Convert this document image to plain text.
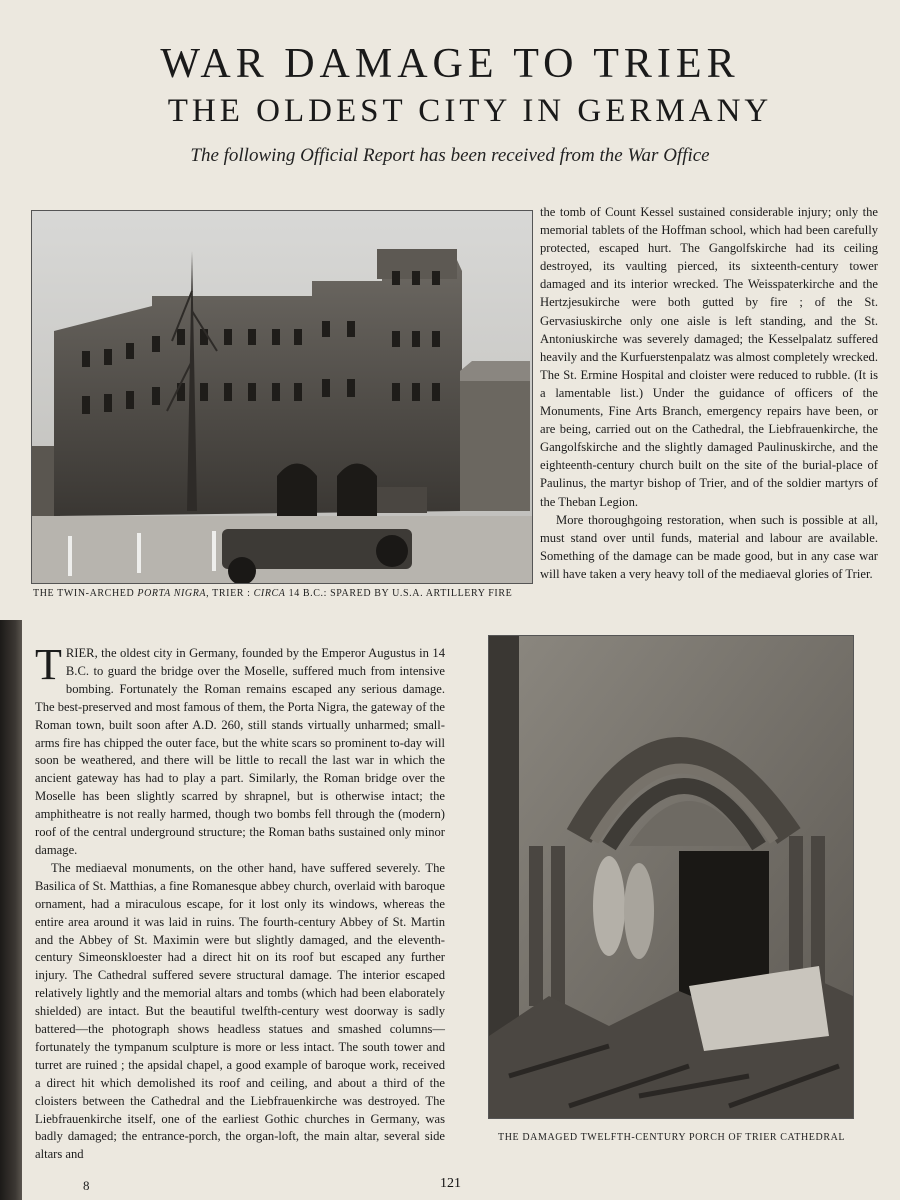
WAR DAMAGE TO TRIER
THE OLDEST CITY IN GERMANY
The following Official Report has been received from the War Office
THE TWIN-ARCHED PORTA NIGRA, TRIER : CIRCA 14 B.C.: SPARED BY U.S.A. ARTILLERY FIRE

the tomb of Count Kessel sustained considerable injury; only the memorial tablets of the Hoffman school, which had been carefully protected, escaped hurt. The Gangolfskirche had its ceiling destroyed, its vaulting pierced, its sixteenth-century tower damaged and its interior wrecked. The Weisspaterkirche and the Hertzjesukirche were both gutted by fire ; of the St. Gervasiuskirche only one aisle is left standing, and the St. Antoniuskirche was severely damaged; the Kesselpalatz suffered heavily and the Kurfuerstenpalatz was almost completely wrecked. The St. Ermine Hospital and cloister were reduced to rubble. (It is a lamentable list.) Under the guidance of officers of the Monuments, Fine Arts Branch, emergency repairs have been, or are being, carried out on the Cathedral, the Liebfrauenkirche, the Gangolfskirche and the slightly damaged Paulinuskirche, and the eighteenth-century church built on the site of the burial-place of Paulinus, the martyr bishop of Trier, and of the soldier martyrs of the Theban Legion.

More thoroughgoing restoration, when such is possible at all, must stand over until funds, material and labour are available. Something of the damage can be made good, but in any case war will have taken a very heavy toll of the mediaeval glories of Trier.

TRIER, the oldest city in Germany, founded by the Emperor Augustus in 14 B.C. to guard the bridge over the Moselle, suffered much from intensive bombing. Fortunately the Roman remains escaped any serious damage. The best-preserved and most famous of them, the Porta Nigra, the gateway of the Roman town, built soon after A.D. 260, still stands virtually unharmed; small-arms fire has chipped the outer face, but the white scars so prominent to-day will soon be weathered, and there will be little to recall the last war in which the ancient gateway has had to play a part. Similarly, the Roman bridge over the Moselle has been slightly scarred by shrapnel, but is otherwise intact; the amphitheatre is not really harmed, though two bombs fell through the (modern) roof of the central underground structure; the Roman baths sustained only minor damage.

The mediaeval monuments, on the other hand, have suffered severely. The Basilica of St. Matthias, a fine Romanesque abbey church, overlaid with baroque ornament, had a miraculous escape, for it lost only its windows, whereas the entire area around it was laid in ruins. The fourth-century Abbey of St. Martin and the Abbey of St. Maximin were but slightly damaged, and the eleventh-century Simeonskloester had a direct hit on its roof but escaped any further injury. The Cathedral suffered severe structural damage. The interior escaped relatively lightly and the memorial altars and tombs (which had been elaborately shielded) are intact. But the beautiful twelfth-century west doorway is sadly battered—the photograph shows headless statues and smashed columns—fortunately the tympanum sculpture is more or less intact. The south tower and turret are ruined ; the apsidal chapel, a good example of baroque work, received a direct hit which demolished its roof and ceiling, and about a third of the cloisters between the Cathedral and the Liebfrauenkirche was destroyed. The Liebfrauenkirche itself, one of the earliest Gothic churches in Germany, was badly damaged; the entrance-porch, the organ-loft, the main altar, several side altars and

THE DAMAGED TWELFTH-CENTURY PORCH OF TRIER CATHEDRAL
8	121
